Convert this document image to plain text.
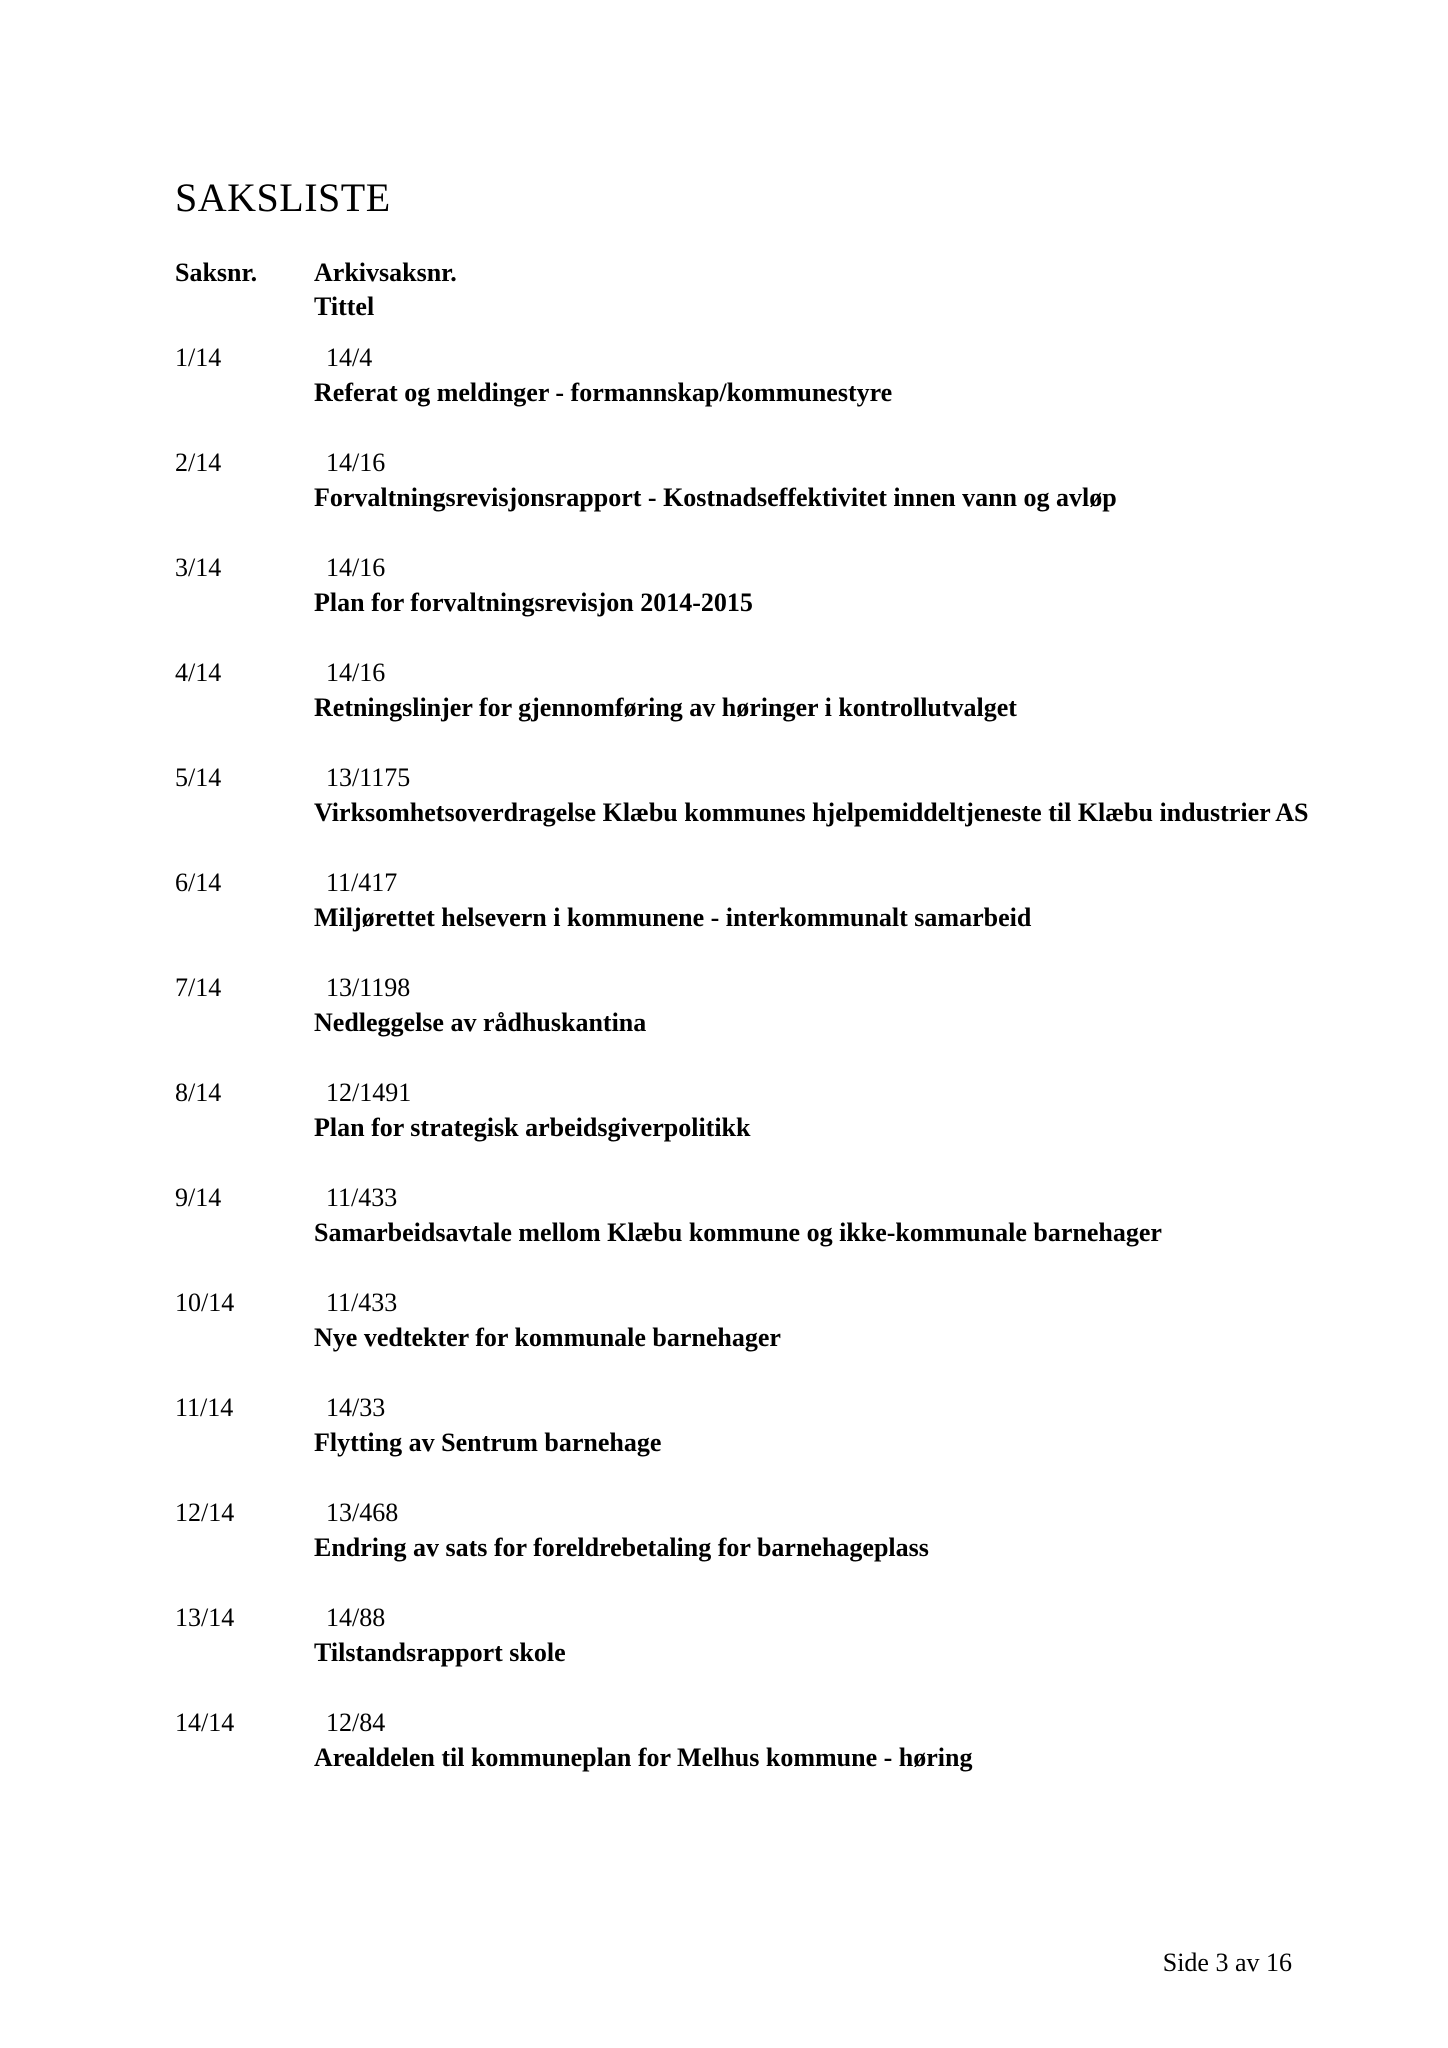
SAKSLISTE
Saksnr. Arkivsaksnr.
Tittel
1/14	14/4
Referat og meldinger - formannskap/kommunestyre
2/14	14/16
Forvaltningsrevisjonsrapport - Kostnadseffektivitet innen vann og avløp
3/14	14/16
Plan for forvaltningsrevisjon 2014-2015
4/14	14/16
Retningslinjer for gjennomføring av høringer i kontrollutvalget
5/14	13/1175
Virksomhetsoverdragelse Klæbu kommunes hjelpemiddeltjeneste til Klæbu industrier AS
6/14	11/417
Miljørettet helsevern i kommunene - interkommunalt samarbeid
7/14	13/1198
Nedleggelse av rådhuskantina
8/14	12/1491
Plan for strategisk arbeidsgiverpolitikk
9/14	11/433
Samarbeidsavtale mellom Klæbu kommune og ikke-kommunale barnehager
10/14	11/433
Nye vedtekter for kommunale barnehager
11/14	14/33
Flytting av Sentrum barnehage
12/14	13/468
Endring av sats for foreldrebetaling for barnehageplass
13/14	14/88
Tilstandsrapport skole
14/14	12/84
Arealdelen til kommuneplan for Melhus kommune - høring
Side 3 av 16
